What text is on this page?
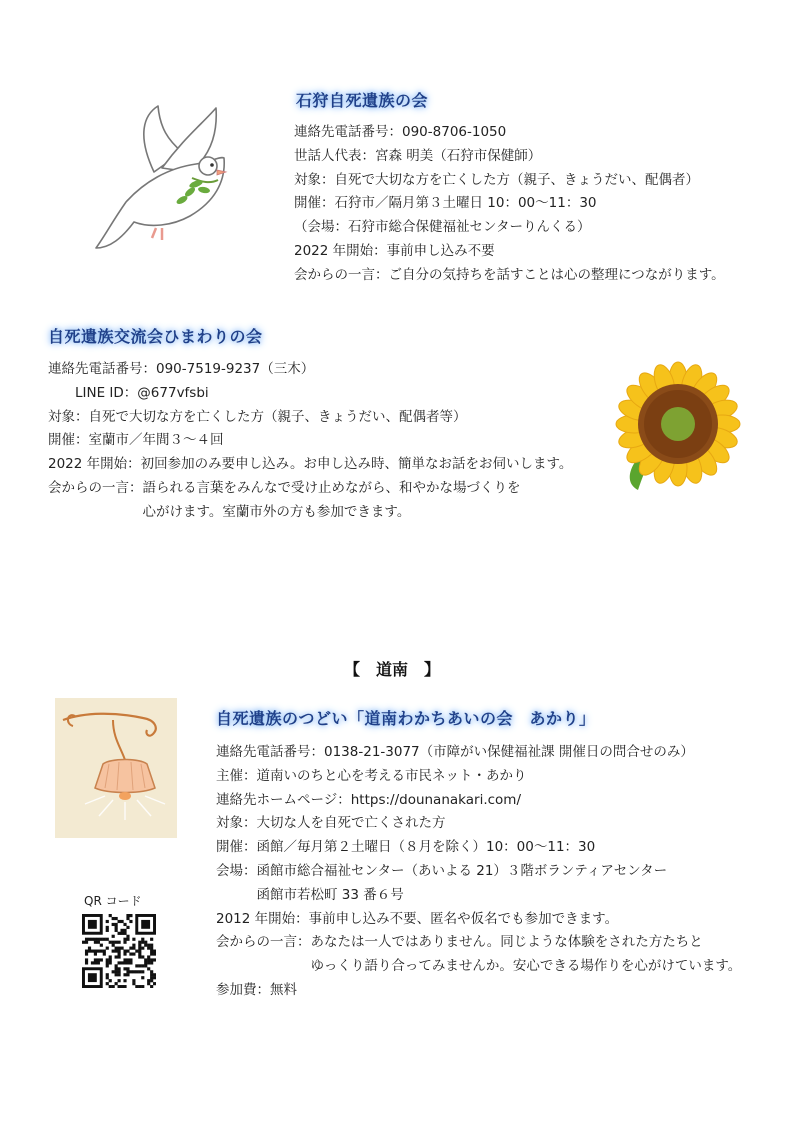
石狩自死遺族の会
連絡先電話番号：090-8706-1050
世話人代表：宮森 明美（石狩市保健師）
対象：自死で大切な方を亡くした方（親子、きょうだい、配偶者）
開催：石狩市／隔月第３土曜日 10：00～11：30
（会場：石狩市総合保健福祉センターりんくる）
2022 年開始：事前申し込み不要
会からの一言：ご自分の気持ちを話すことは心の整理につながります。
自死遺族交流会ひまわりの会
連絡先電話番号：090-7519-9237（三木）
　　LINE ID：@677vfsbi
対象：自死で大切な方を亡くした方（親子、きょうだい、配偶者等）
開催：室蘭市／年間３～４回
2022 年開始：初回参加のみ要申し込み。お申し込み時、簡単なお話をお伺いします。
会からの一言：語られる言葉をみんなで受け止めながら、和やかな場づくりを
　　　　　　　心がけます。室蘭市外の方も参加できます。
【　道南　】
QR コード
自死遺族のつどい「道南わかちあいの会　あかり」
連絡先電話番号：0138-21-3077（市障がい保健福祉課 開催日の問合せのみ）
主催：道南いのちと心を考える市民ネット・あかり
連絡先ホームページ：https://dounanakari.com/
対象：大切な人を自死で亡くされた方
開催：函館／毎月第２土曜日（８月を除く）10：00～11：30
会場：函館市総合福祉センター（あいよる 21）３階ボランティアセンター
　　　函館市若松町 33 番６号
2012 年開始：事前申し込み不要、匿名や仮名でも参加できます。
会からの一言：あなたは一人ではありません。同じような体験をされた方たちと
　　　　　　　ゆっくり語り合ってみませんか。安心できる場作りを心がけています。
参加費：無料
